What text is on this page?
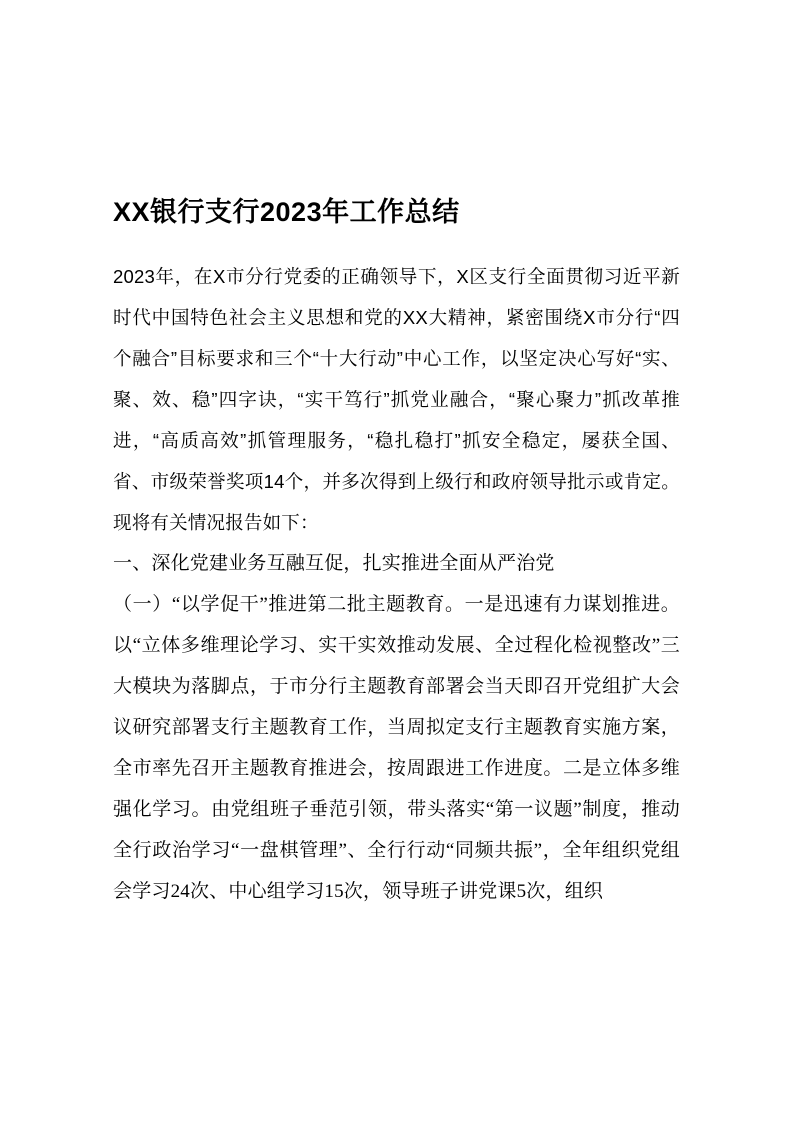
XX银行支行2023年工作总结

2023年，在X市分行党委的正确领导下，X区支行全面贯彻习近平新时代中国特色社会主义思想和党的XX大精神，紧密围绕X市分行“四个融合”目标要求和三个“十大行动”中心工作，以坚定决心写好“实、聚、效、稳”四字诀，“实干笃行”抓党业融合，“聚心聚力”抓改革推进，“高质高效”抓管理服务，“稳扎稳打”抓安全稳定，屡获全国、省、市级荣誉奖项14个，并多次得到上级行和政府领导批示或肯定。现将有关情况报告如下：

一、深化党建业务互融互促，扎实推进全面从严治党

（一）“以学促干”推进第二批主题教育。一是迅速有力谋划推进。以“立体多维理论学习、实干实效推动发展、全过程化检视整改”三大模块为落脚点，于市分行主题教育部署会当天即召开党组扩大会议研究部署支行主题教育工作，当周拟定支行主题教育实施方案，全市率先召开主题教育推进会，按周跟进工作进度。二是立体多维强化学习。由党组班子垂范引领，带头落实“第一议题”制度，推动全行政治学习“一盘棋管理”、全行行动“同频共振”，全年组织党组会学习24次、中心组学习15次，领导班子讲党课5次，组织
